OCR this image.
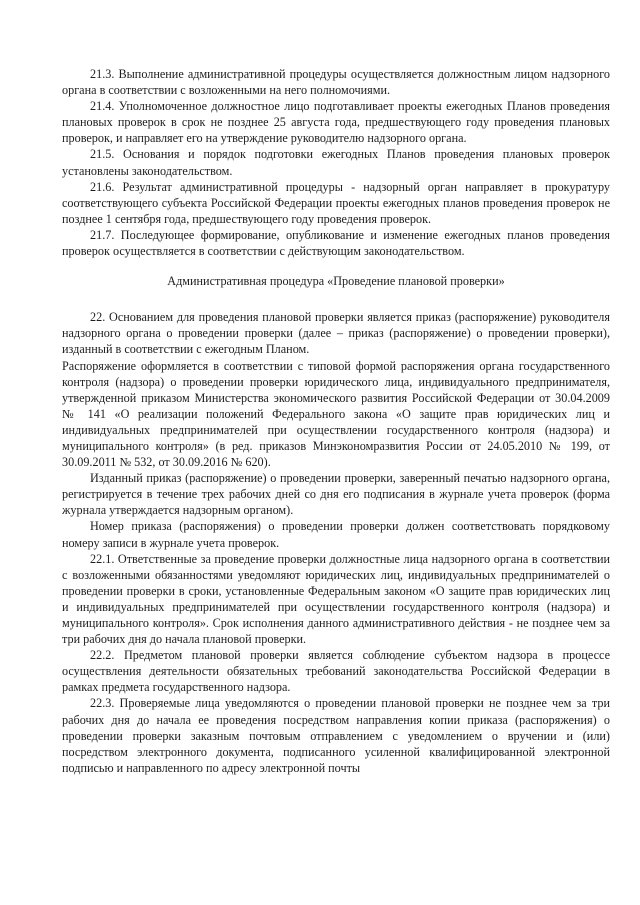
21.3. Выполнение административной процедуры осуществляется должностным лицом надзорного органа в соответствии с возложенными на него полномочиями.

21.4. Уполномоченное должностное лицо подготавливает проекты ежегодных Планов проведения плановых проверок в срок не позднее 25 августа года, предшествующего году проведения плановых проверок, и направляет его на утверждение руководителю надзорного органа.

21.5. Основания и порядок подготовки ежегодных Планов проведения плановых проверок установлены законодательством.

21.6. Результат административной процедуры - надзорный орган направляет в прокуратуру соответствующего субъекта Российской Федерации проекты ежегодных планов проведения проверок не позднее 1 сентября года, предшествующего году проведения проверок.

21.7. Последующее формирование, опубликование и изменение ежегодных планов проведения проверок осуществляется в соответствии с действующим законодательством.

Административная процедура «Проведение плановой проверки»

22. Основанием для проведения плановой проверки является приказ (распоряжение) руководителя надзорного органа о проведении проверки (далее – приказ (распоряжение) о проведении проверки), изданный в соответствии с ежегодным Планом.

Распоряжение оформляется в соответствии с типовой формой распоряжения органа государственного контроля (надзора) о проведении проверки юридического лица, индивидуального предпринимателя, утвержденной приказом Министерства экономического развития Российской Федерации от 30.04.2009 № 141 «О реализации положений Федерального закона «О защите прав юридических лиц и индивидуальных предпринимателей при осуществлении государственного контроля (надзора) и муниципального контроля» (в ред. приказов Минэкономразвития России от 24.05.2010 № 199, от 30.09.2011 № 532, от 30.09.2016 № 620).

Изданный приказ (распоряжение) о проведении проверки, заверенный печатью надзорного органа, регистрируется в течение трех рабочих дней со дня его подписания в журнале учета проверок (форма журнала утверждается надзорным органом).

Номер приказа (распоряжения) о проведении проверки должен соответствовать порядковому номеру записи в журнале учета проверок.

22.1. Ответственные за проведение проверки должностные лица надзорного органа в соответствии с возложенными обязанностями уведомляют юридических лиц, индивидуальных предпринимателей о проведении проверки в сроки, установленные Федеральным законом «О защите прав юридических лиц и индивидуальных предпринимателей при осуществлении государственного контроля (надзора) и муниципального контроля». Срок исполнения данного административного действия - не позднее чем за три рабочих дня до начала плановой проверки.

22.2. Предметом плановой проверки является соблюдение субъектом надзора в процессе осуществления деятельности обязательных требований законодательства Российской Федерации в рамках предмета государственного надзора.

22.3. Проверяемые лица уведомляются о проведении плановой проверки не позднее чем за три рабочих дня до начала ее проведения посредством направления копии приказа (распоряжения) о проведении проверки заказным почтовым отправлением с уведомлением о вручении и (или) посредством электронного документа, подписанного усиленной квалифицированной электронной подписью и направленного по адресу электронной почты
